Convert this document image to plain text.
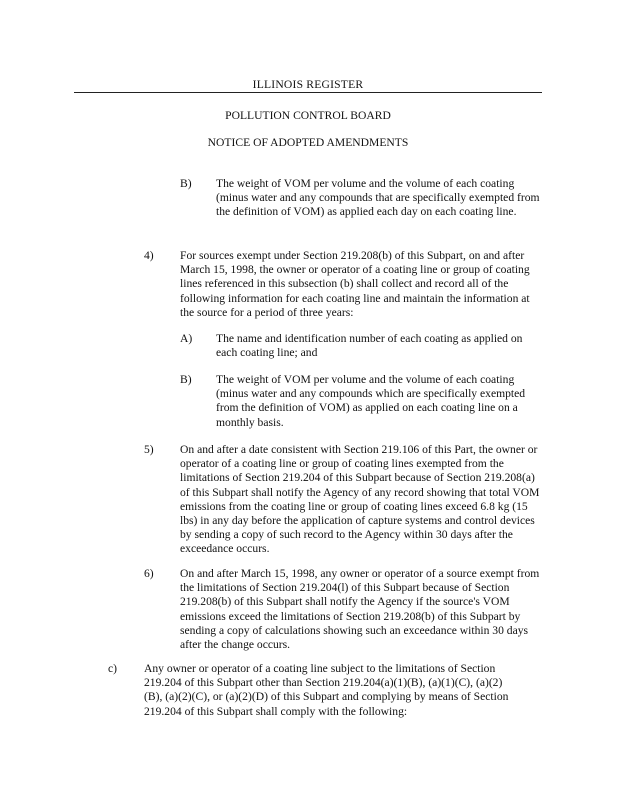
ILLINOIS REGISTER
POLLUTION CONTROL BOARD
NOTICE OF ADOPTED AMENDMENTS
B) The weight of VOM per volume and the volume of each coating (minus water and any compounds that are specifically exempted from the definition of VOM) as applied each day on each coating line.
4) For sources exempt under Section 219.208(b) of this Subpart, on and after March 15, 1998, the owner or operator of a coating line or group of coating lines referenced in this subsection (b) shall collect and record all of the following information for each coating line and maintain the information at the source for a period of three years:
A) The name and identification number of each coating as applied on each coating line; and
B) The weight of VOM per volume and the volume of each coating (minus water and any compounds which are specifically exempted from the definition of VOM) as applied on each coating line on a monthly basis.
5) On and after a date consistent with Section 219.106 of this Part, the owner or operator of a coating line or group of coating lines exempted from the limitations of Section 219.204 of this Subpart because of Section 219.208(a) of this Subpart shall notify the Agency of any record showing that total VOM emissions from the coating line or group of coating lines exceed 6.8 kg (15 lbs) in any day before the application of capture systems and control devices by sending a copy of such record to the Agency within 30 days after the exceedance occurs.
6) On and after March 15, 1998, any owner or operator of a source exempt from the limitations of Section 219.204(l) of this Subpart because of Section 219.208(b) of this Subpart shall notify the Agency if the source's VOM emissions exceed the limitations of Section 219.208(b) of this Subpart by sending a copy of calculations showing such an exceedance within 30 days after the change occurs.
c) Any owner or operator of a coating line subject to the limitations of Section 219.204 of this Subpart other than Section 219.204(a)(1)(B), (a)(1)(C), (a)(2)(B), (a)(2)(C), or (a)(2)(D) of this Subpart and complying by means of Section 219.204 of this Subpart shall comply with the following:
